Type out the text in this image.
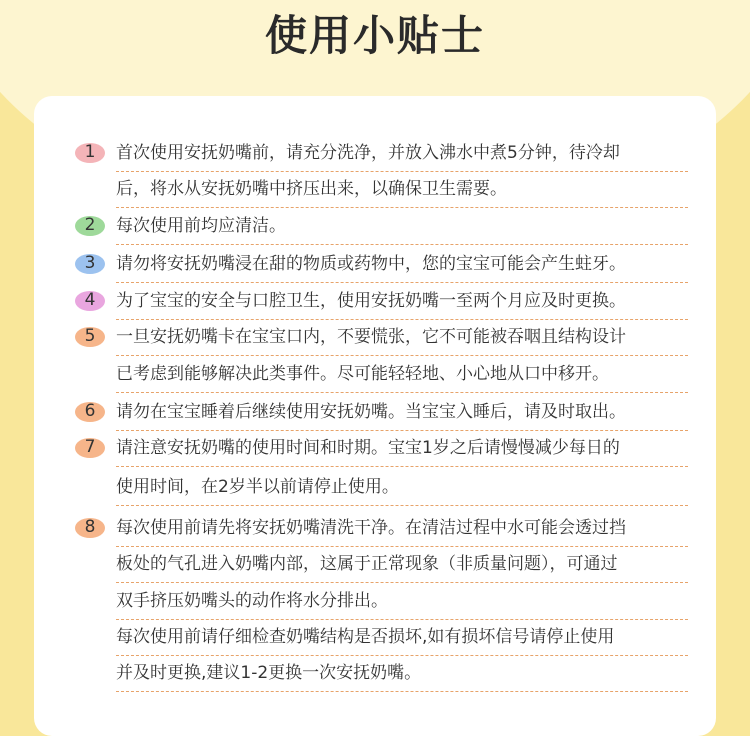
使用小贴士
1
2
3
4
5
6
7
8
首次使用安抚奶嘴前，请充分洗净，并放入沸水中煮5分钟，待冷却
后，将水从安抚奶嘴中挤压出来，以确保卫生需要。
每次使用前均应清洁。
请勿将安抚奶嘴浸在甜的物质或药物中，您的宝宝可能会产生蛀牙。
为了宝宝的安全与口腔卫生，使用安抚奶嘴一至两个月应及时更换。
一旦安抚奶嘴卡在宝宝口内，不要慌张，它不可能被吞咽且结构设计
已考虑到能够解决此类事件。尽可能轻轻地、小心地从口中移开。
请勿在宝宝睡着后继续使用安抚奶嘴。当宝宝入睡后，请及时取出。
请注意安抚奶嘴的使用时间和时期。宝宝1岁之后请慢慢减少每日的
使用时间，在2岁半以前请停止使用。
每次使用前请先将安抚奶嘴清洗干净。在清洁过程中水可能会透过挡
板处的气孔进入奶嘴内部，这属于正常现象（非质量问题），可通过
双手挤压奶嘴头的动作将水分排出。
每次使用前请仔细检查奶嘴结构是否损坏,如有损坏信号请停止使用
并及时更换,建议1-2更换一次安抚奶嘴。
